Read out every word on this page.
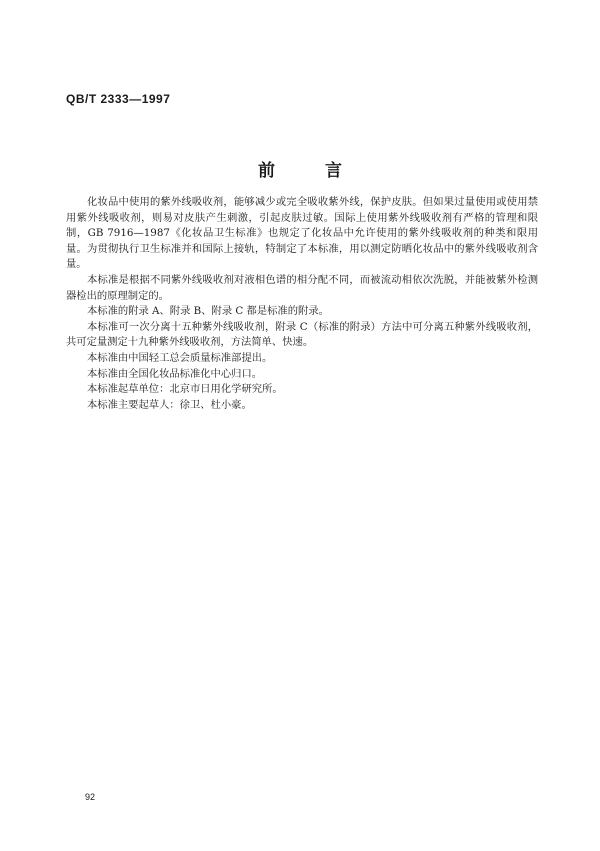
QB/T 2333—1997
前 言

化妆品中使用的紫外线吸收剂，能够减少或完全吸收紫外线，保护皮肤。但如果过量使用或使用禁用紫外线吸收剂，则易对皮肤产生刺激，引起皮肤过敏。国际上使用紫外线吸收剂有严格的管理和限制，GB 7916—1987《化妆品卫生标准》也规定了化妆品中允许使用的紫外线吸收剂的种类和限用量。为贯彻执行卫生标准并和国际上接轨，特制定了本标准，用以测定防晒化妆品中的紫外线吸收剂含量。

本标准是根据不同紫外线吸收剂对液相色谱的相分配不同，而被流动相依次洗脱，并能被紫外检测器检出的原理制定的。

本标准的附录 A、附录 B、附录 C 都是标准的附录。

本标准可一次分离十五种紫外线吸收剂，附录 C（标准的附录）方法中可分离五种紫外线吸收剂，共可定量测定十九种紫外线吸收剂，方法简单、快速。

本标准由中国轻工总会质量标准部提出。

本标准由全国化妆品标准化中心归口。

本标准起草单位：北京市日用化学研究所。

本标准主要起草人：徐卫、杜小豪。

92
